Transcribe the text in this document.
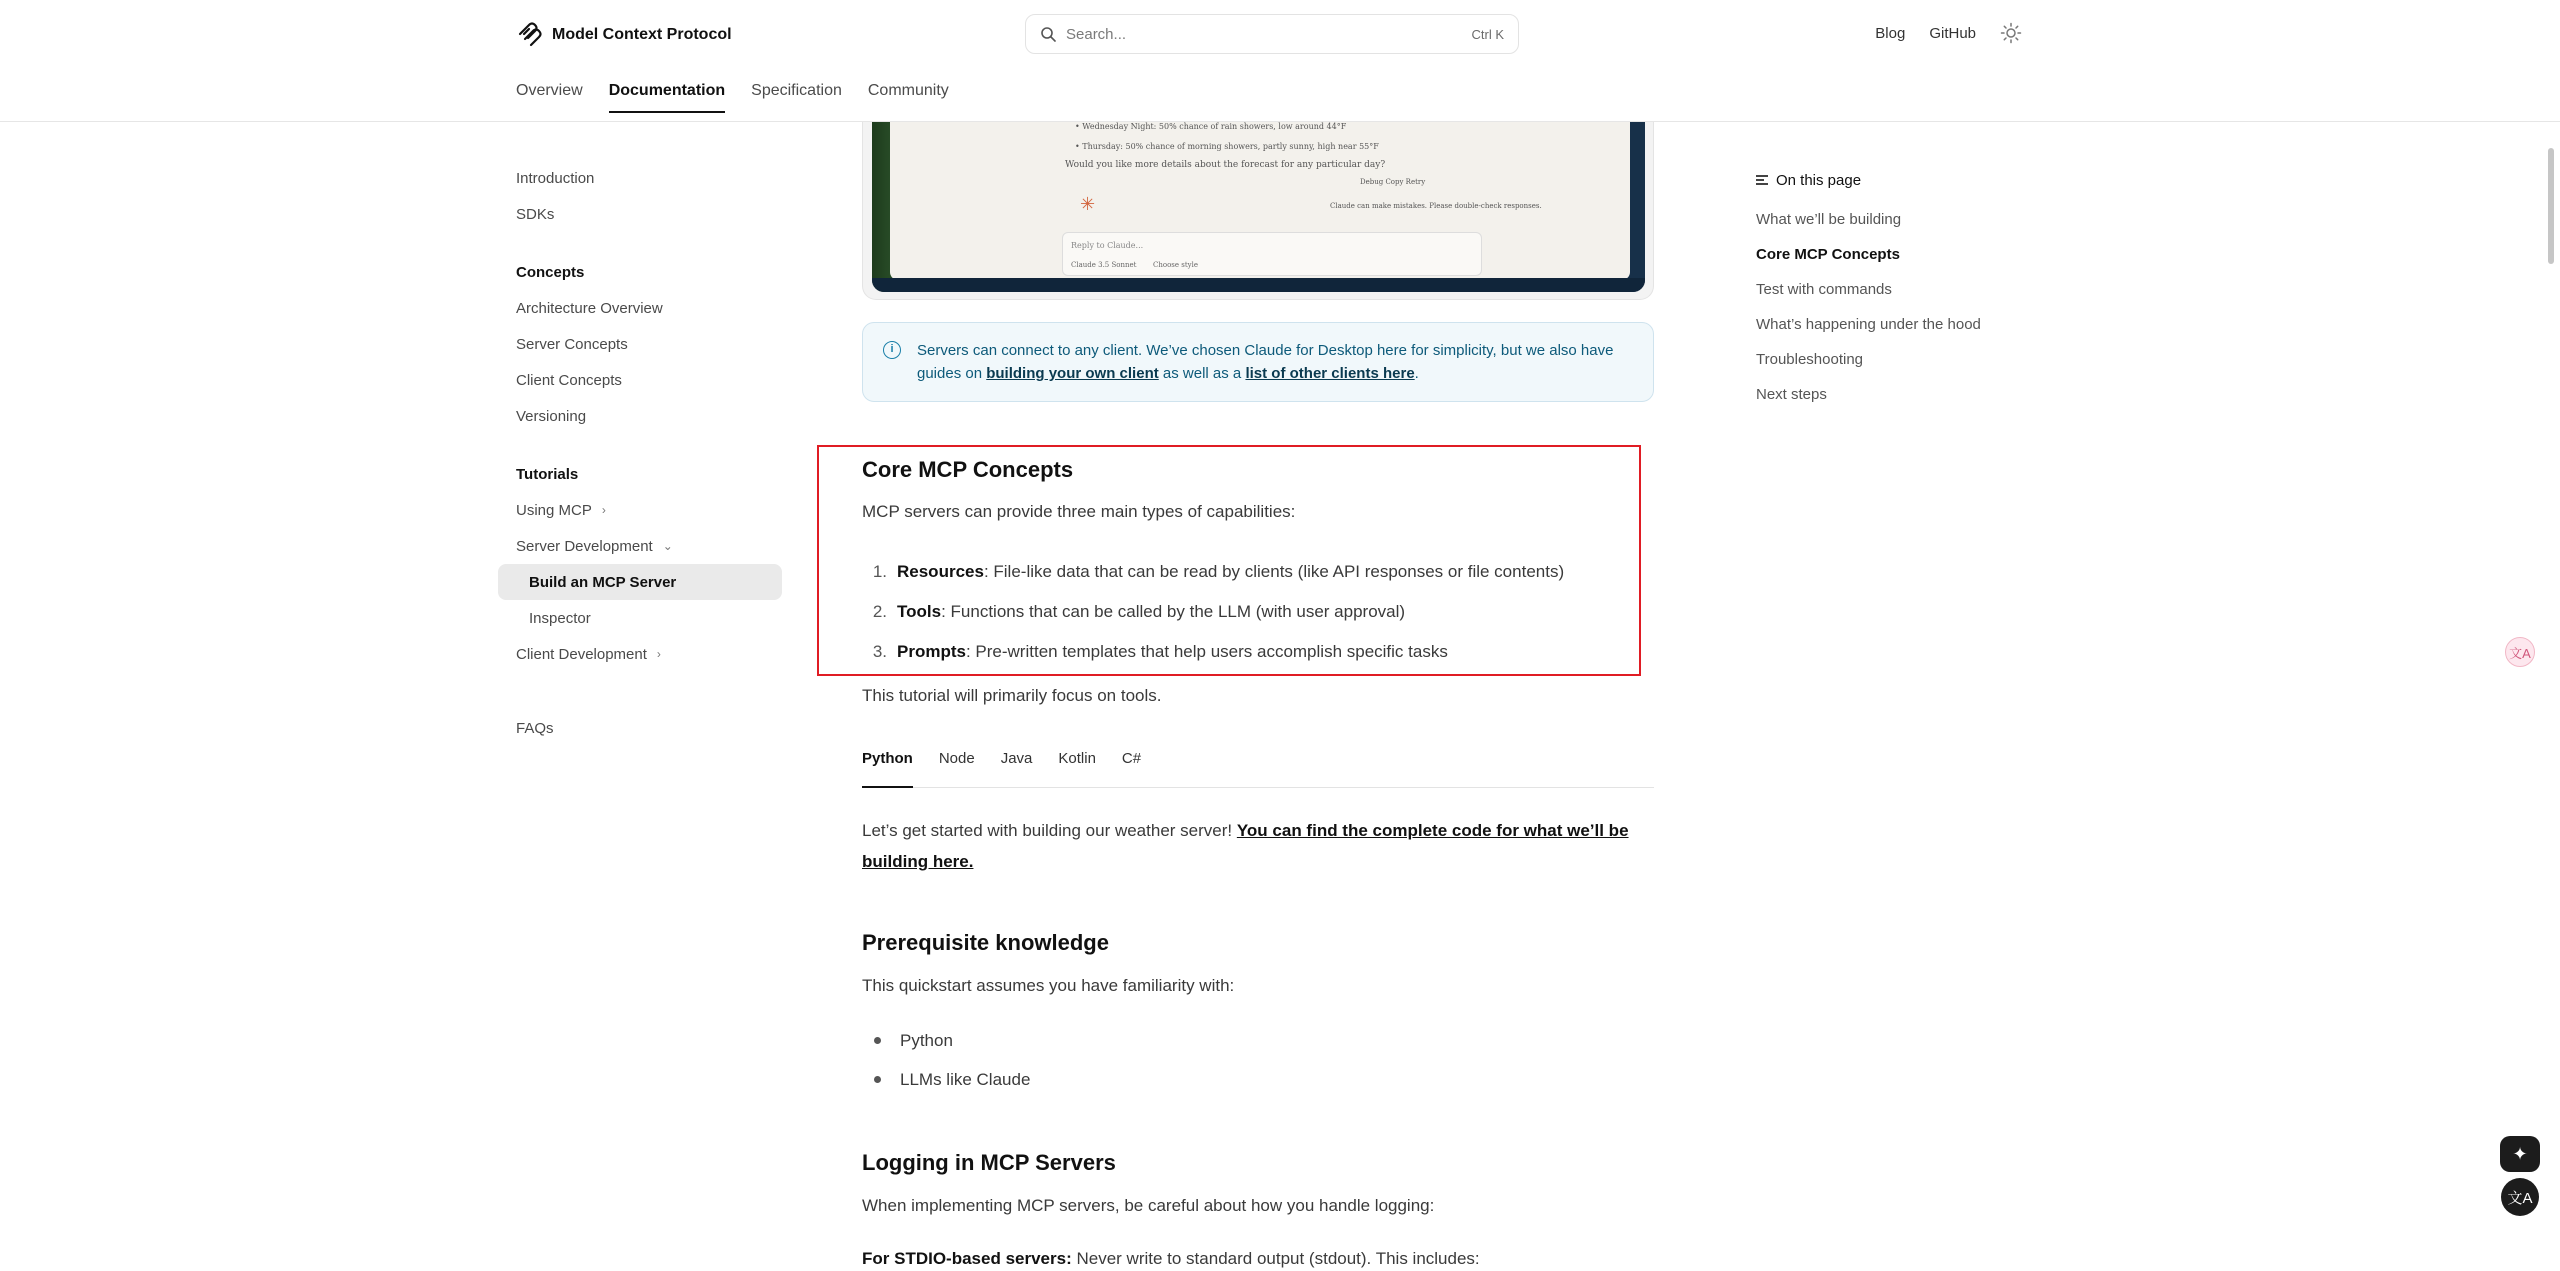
Model Context Protocol	Search...	Ctrl K	Blog GitHub
Overview Documentation Specification Community
Introduction
SDKs
Concepts
Architecture Overview
Server Concepts
Client Concepts
Versioning
Tutorials
Using MCP ›
Server Development ⌄
Build an MCP Server
Inspector
Client Development ›
FAQs
• Wednesday Night: 50% chance of rain showers, low around 44°F
• Thursday: 50% chance of morning showers, partly sunny, high near 55°F
Would you like more details about the forecast for any particular day?
Debug Copy Retry
Claude can make mistakes. Please double-check responses.
✳
Reply to Claude...
Claude 3.5 Sonnet Choose style
i	Servers can connect to any client. We’ve chosen Claude for Desktop here for simplicity, but we also have guides on building your own client as well as a list of other clients here.
Core MCP Concepts
MCP servers can provide three main types of capabilities:
1. Resources : File-like data that can be read by clients (like API responses or file contents)
2. Tools : Functions that can be called by the LLM (with user approval)
3. Prompts : Pre-written templates that help users accomplish specific tasks
This tutorial will primarily focus on tools.
Python Node Java Kotlin C#
Let’s get started with building our weather server! You can find the complete code for what we’ll be building here.
Prerequisite knowledge
This quickstart assumes you have familiarity with:
Python
LLMs like Claude
Logging in MCP Servers
When implementing MCP servers, be careful about how you handle logging:
For STDIO-based servers: Never write to standard output (stdout). This includes:
On this page
What we’ll be building
Core MCP Concepts
Test with commands
What’s happening under the hood
Troubleshooting
Next steps
文A
✦
文A
